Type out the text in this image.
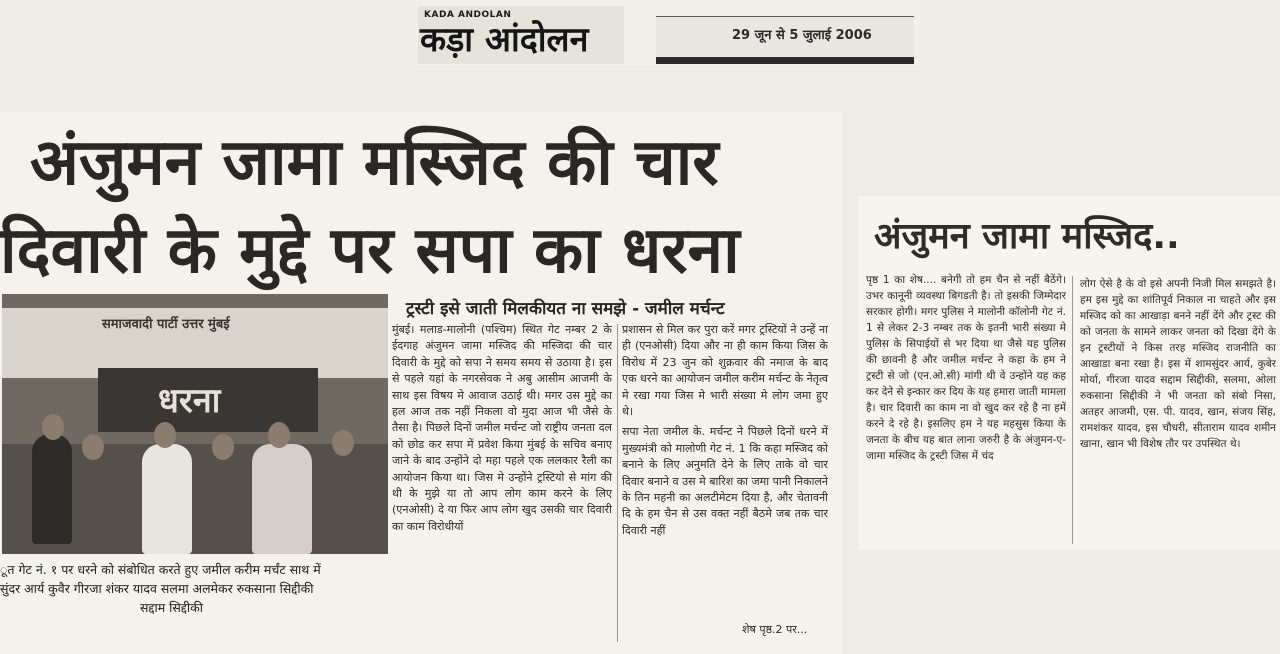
KADA ANDOLAN
कड़ा आंदोलन	29 जून से 5 जुलाई 2006
अंजुमन जामा मस्जिद की चार
दिवारी के मुद्दे पर सपा का धरना
समाजवादी पार्टी उत्तर मुंबई
धरना

ूत गेट नं. १ पर धरने को संबोधित करते हुए जमील करीम मर्चंट साथ में

सुंदर आर्य कुवैर गीरजा शंकर यादव सलमा अलमेकर रुकसाना सिद्दीकी

सद्दाम सिद्दीकी

ट्रस्टी इसे जाती मिलकीयत ना समझे - जमील मर्चन्ट

मुंबई। मलाड-मालोनी (पश्चिम) स्थित गेट नम्बर 2 के ईदगाह अंजुमन जामा मस्जिद की मस्जिदा की चार दिवारी के मुद्दे को सपा ने समय समय से उठाया है। इस से पहले यहां के नगरसेवक ने अबु आसीम आजमी के साथ इस विषय मे आवाज उठाई थी। मगर उस मुद्दे का हल आज तक नहीं निकला वो मुदा आज भी जैसे के तैसा है। पिछले दिनों जमील मर्चन्ट जो राष्ट्रीय जनता दल को छोड कर सपा में प्रवेश किया मुंबई के सचिव बनाए जाने के बाद उन्होंने दो महा पहले एक ललकार रैली का आयोजन किया था। जिस मे उन्होंने ट्रस्टियो से मांग की थी के मुझे या तो आप लोग काम करने के लिए (एनओसी) दे या फिर आप लोग खुद उसकी चार दिवारी का काम विरोधीयों

प्रशासन से मिल कर पुरा करें मगर ट्रस्टियों ने उन्हें ना ही (एनओसी) दिया और ना ही काम किया जिस के विरोध में 23 जुन को शुक्रवार की नमाज के बाद एक धरने का आयोजन जमील करीम मर्चन्ट के नेतृत्व मे रखा गया जिस मे भारी संख्या मे लोग जमा हुए थे।

सपा नेता जमील के. मर्चन्ट ने पिछले दिनों धरने में मुख्यमंत्री को मालोणी गेट नं. 1 कि कहा मस्जिद को बनाने के लिए अनुमति देने के लिए ताके वो चार दिवार बनाने व उस मे बारिश का जमा पानी निकालने के तिन महनी का अलटीमेटम दिया है, और चेतावनी दि के हम चैन से उस वक्त नहीं बैठमे जब तक चार दिवारी नहीं

शेष पृष्ठ.2 पर...
अंजुमन जामा मस्जिद..

पृष्ठ 1 का शेष.... बनेगी तो हम चैन से नहीं बैठेंगे। उभर कानूनी व्यवस्था बिगडती है। तो इसकी जिम्मेदार सरकार होगी। मगर पुलिस ने मालोनी कॉलोनी गेट नं. 1 से लेकर 2-3 नम्बर तक के इतनी भारी संख्या मे पुलिस के सिपाईयों से भर दिया था जैसे यह पुलिस की छावनी है और जमील मर्चन्ट ने कहा के हम ने ट्रस्टी से जो (एन.ओ.सी) मांगी थी वे उन्होंने यह कह कर देने से इन्कार कर दिय के यह हमारा जाती मामला है। चार दिवारी का काम ना वो खुद कर रहे है ना हमें करने दे रहे है। इसलिए हम ने यह महसुस किया के जनता के बीच यह बात लाना जरुरी है के अंजुमन-ए-जामा मस्जिद के ट्रस्टी जिस में चंद

लोग ऐसे है के वो इसे अपनी निजी मिल समझते है। हम इस मुद्दे का शांतिपूर्व निकाल ना चाहते और इस मस्जिद को का आखाड़ा बनने नहीं देंगे और ट्रस्ट की को जनता के सामने लाकर जनता को दिखा देंगे के इन ट्रस्टीयों ने किस तरह मस्जिद राजनीति का आखाडा बना रखा है। इस में शामसुंदर आर्य, कुबेर मोर्या, गीरजा यादव सद्दाम सिद्दीकी, सलमा, ओला रुकसाना सिद्दीकी ने भी जनता को संबो निसा, अतहर आजमी, एस. पी. यादव, खान, संजय सिंह, रामशंकर यादव, इस चौधरी, सीताराम यादव शमीन खाना, खान भी विशेष तौर पर उपस्थित थे।
